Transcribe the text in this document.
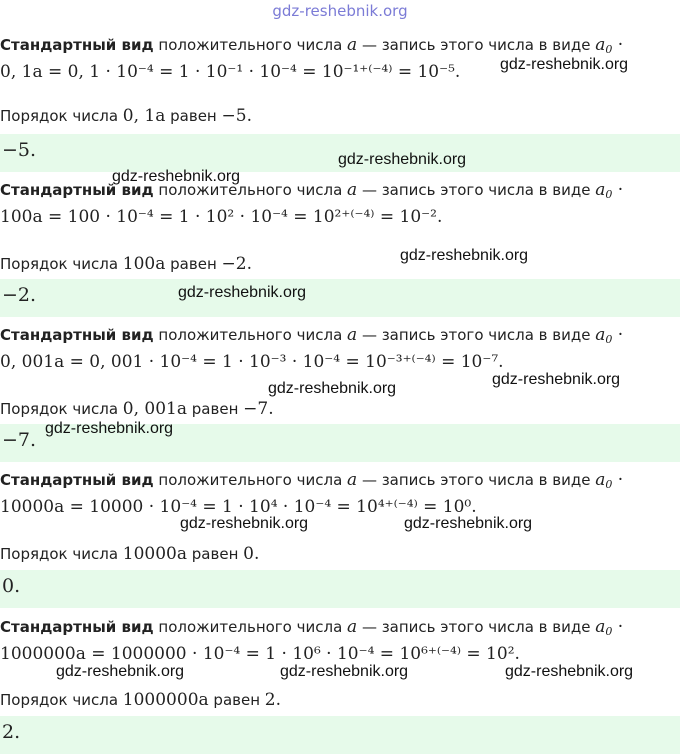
gdz-reshebnik.org
Стандартный вид положительного числа a — запись этого числа в виде $a_0$ ·
0, 1a = 0, 1 · 10⁻⁴ = 1 · 10⁻¹ · 10⁻⁴ = 10⁻¹⁺⁽⁻⁴⁾ = 10⁻⁵.
Порядок числа 0, 1a равен −5.
−5.
Стандартный вид положительного числа a — запись этого числа в виде $a_0$ ·
100a = 100 · 10⁻⁴ = 1 · 10² · 10⁻⁴ = 10²⁺⁽⁻⁴⁾ = 10⁻².
Порядок числа 100a равен −2.
−2.
Стандартный вид положительного числа a — запись этого числа в виде $a_0$ ·
0, 001a = 0, 001 · 10⁻⁴ = 1 · 10⁻³ · 10⁻⁴ = 10⁻³⁺⁽⁻⁴⁾ = 10⁻⁷.
Порядок числа 0, 001a равен −7.
−7.
Стандартный вид положительного числа a — запись этого числа в виде $a_0$ ·
10000a = 10000 · 10⁻⁴ = 1 · 10⁴ · 10⁻⁴ = 10⁴⁺⁽⁻⁴⁾ = 10⁰.
Порядок числа 10000a равен 0.
0.
Стандартный вид положительного числа a — запись этого числа в виде $a_0$ ·
1000000a = 1000000 · 10⁻⁴ = 1 · 10⁶ · 10⁻⁴ = 10⁶⁺⁽⁻⁴⁾ = 10².
Порядок числа 1000000a равен 2.
2.
gdz-reshebnik.org
gdz-reshebnik.org
gdz-reshebnik.org
gdz-reshebnik.org
gdz-reshebnik.org
gdz-reshebnik.org
gdz-reshebnik.org
gdz-reshebnik.org
gdz-reshebnik.org	gdz-reshebnik.org
gdz-reshebnik.org	gdz-reshebnik.org	gdz-reshebnik.org
